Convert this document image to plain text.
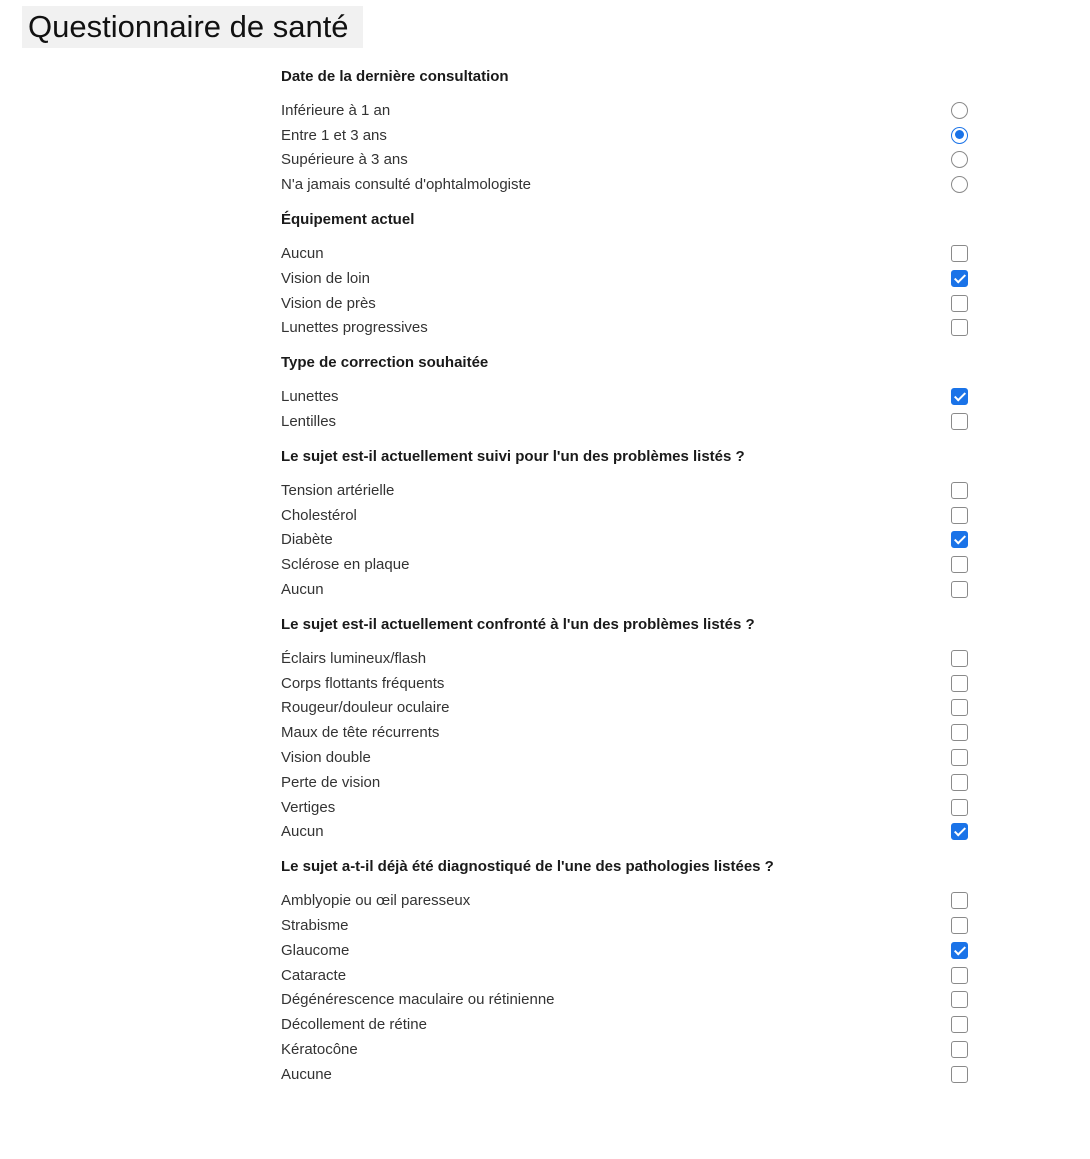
Questionnaire de santé
Date de la dernière consultation
Inférieure à 1 an
Entre 1 et 3 ans
Supérieure à 3 ans
N'a jamais consulté d'ophtalmologiste
Équipement actuel
Aucun
Vision de loin
Vision de près
Lunettes progressives
Type de correction souhaitée
Lunettes
Lentilles
Le sujet est-il actuellement suivi pour l'un des problèmes listés ?
Tension artérielle
Cholestérol
Diabète
Sclérose en plaque
Aucun
Le sujet est-il actuellement confronté à l'un des problèmes listés ?
Éclairs lumineux/flash
Corps flottants fréquents
Rougeur/douleur oculaire
Maux de tête récurrents
Vision double
Perte de vision
Vertiges
Aucun
Le sujet a-t-il déjà été diagnostiqué de l'une des pathologies listées ?
Amblyopie ou œil paresseux
Strabisme
Glaucome
Cataracte
Dégénérescence maculaire ou rétinienne
Décollement de rétine
Kératocône
Aucune
